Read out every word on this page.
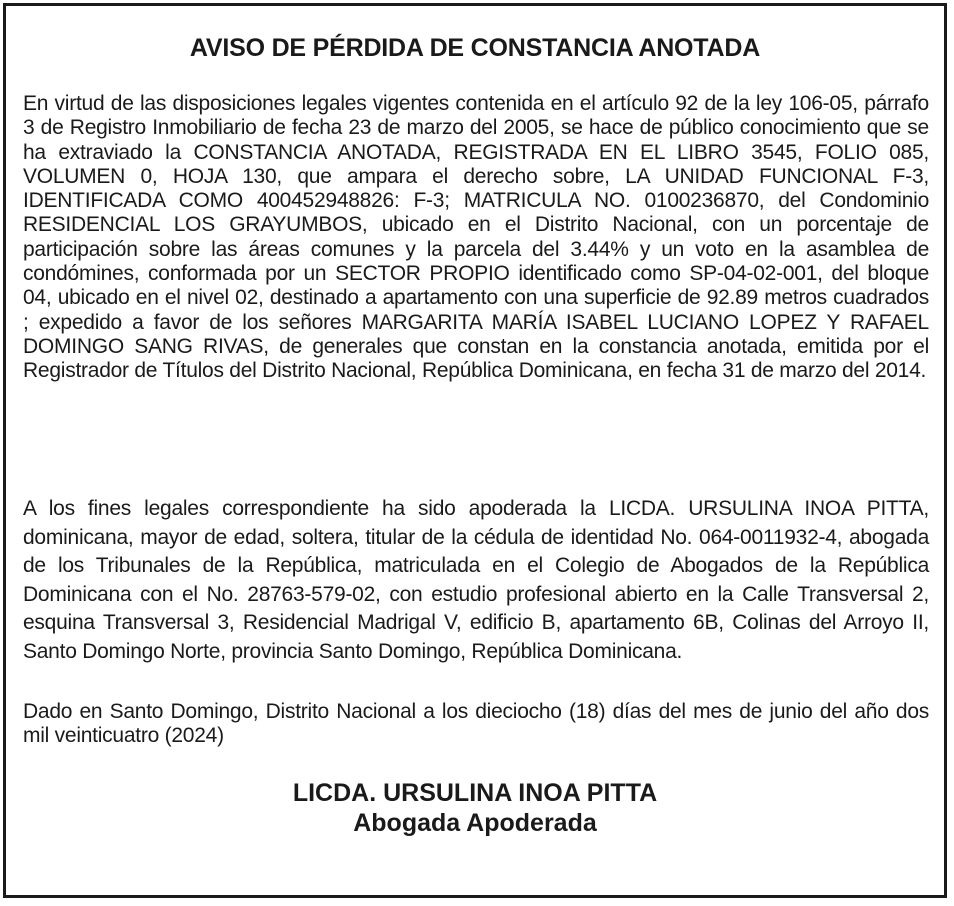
AVISO DE PÉRDIDA DE CONSTANCIA ANOTADA

En virtud de las disposiciones legales vigentes contenida en el artículo 92 de la ley 106-05, párrafo 3 de Registro Inmobiliario de fecha 23 de marzo del 2005, se hace de público conocimiento que se ha extraviado la CONSTANCIA ANOTADA, REGISTRADA EN EL LIBRO 3545, FOLIO 085, VOLUMEN 0, HOJA 130, que ampara el derecho sobre, LA UNIDAD FUNCIONAL F-3, IDENTIFICADA COMO 400452948826: F-3; MATRICULA NO. 0100236870, del Condominio RESIDENCIAL LOS GRAYUMBOS, ubicado en el Distrito Nacional, con un porcentaje de participación sobre las áreas comunes y la parcela del 3.44% y un voto en la asamblea de condómines, conformada por un SECTOR PROPIO identificado como SP-04-02-001, del bloque 04, ubicado en el nivel 02, destinado a apartamento con una superficie de 92.89 metros cuadrados ; expedido a favor de los señores MARGARITA MARÍA ISABEL LUCIANO LOPEZ Y RAFAEL DOMINGO SANG RIVAS, de generales que constan en la constancia anotada, emitida por el Registrador de Títulos del Distrito Nacional, República Dominicana, en fecha 31 de marzo del 2014.

A los fines legales correspondiente ha sido apoderada la LICDA. URSULINA INOA PITTA, dominicana, mayor de edad, soltera, titular de la cédula de identidad No. 064-0011932-4, abogada de los Tribunales de la República, matriculada en el Colegio de Abogados de la República Dominicana con el No. 28763-579-02, con estudio profesional abierto en la Calle Transversal 2, esquina Transversal 3, Residencial Madrigal V, edificio B, apartamento 6B, Colinas del Arroyo II, Santo Domingo Norte, provincia Santo Domingo, República Dominicana.

Dado en Santo Domingo, Distrito Nacional a los dieciocho (18) días del mes de junio del año dos mil veinticuatro (2024)

LICDA. URSULINA INOA PITTA
Abogada Apoderada
